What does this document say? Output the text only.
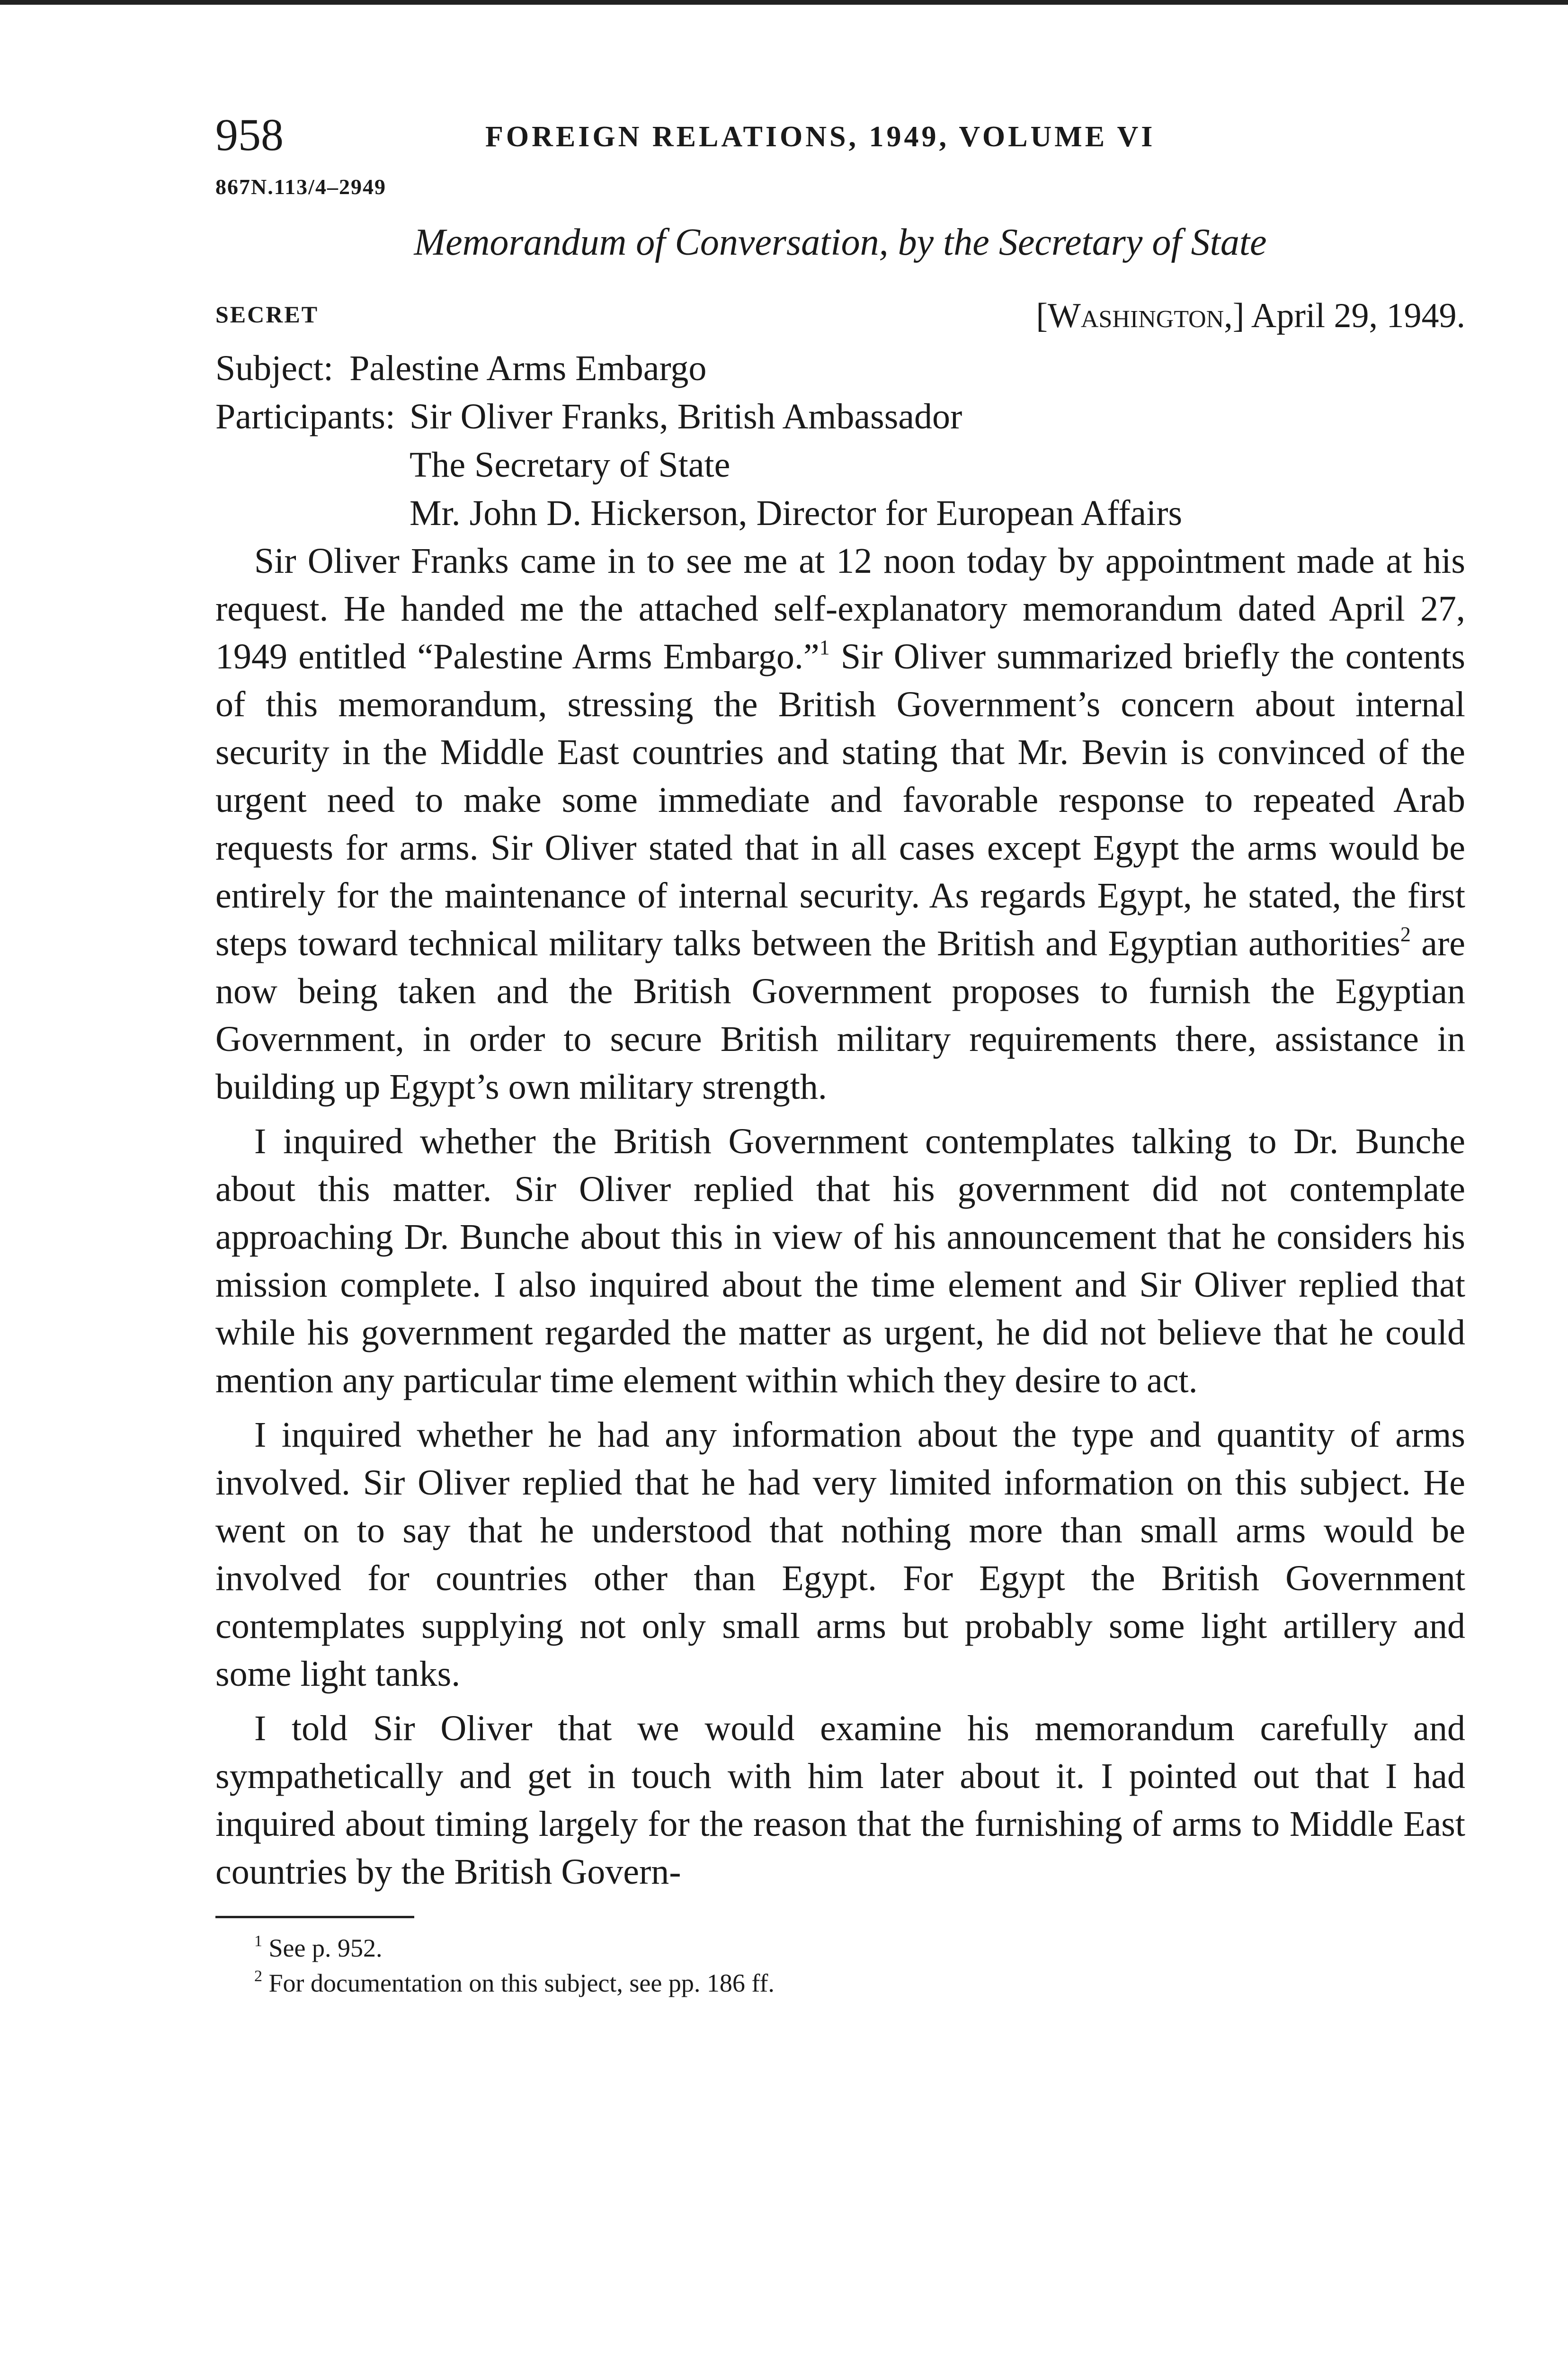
958	FOREIGN RELATIONS, 1949, VOLUME VI
867N.113/4–2949
Memorandum of Conversation, by the Secretary of State
SECRET	[Washington,] April 29, 1949.
Subject: Palestine Arms Embargo
Participants: Sir Oliver Franks, British Ambassador
The Secretary of State
Mr. John D. Hickerson, Director for European Affairs

Sir Oliver Franks came in to see me at 12 noon today by appointment made at his request. He handed me the attached self-explanatory memorandum dated April 27, 1949 entitled “Palestine Arms Embargo.”$^1$ Sir Oliver summarized briefly the contents of this memorandum, stressing the British Government’s concern about internal security in the Middle East countries and stating that Mr. Bevin is convinced of the urgent need to make some immediate and favorable response to repeated Arab requests for arms. Sir Oliver stated that in all cases except Egypt the arms would be entirely for the maintenance of internal security. As regards Egypt, he stated, the first steps toward technical military talks between the British and Egyptian authorities$^2$ are now being taken and the British Government proposes to furnish the Egyptian Government, in order to secure British military requirements there, assistance in building up Egypt’s own military strength.

I inquired whether the British Government contemplates talking to Dr. Bunche about this matter. Sir Oliver replied that his government did not contemplate approaching Dr. Bunche about this in view of his announcement that he considers his mission complete. I also inquired about the time element and Sir Oliver replied that while his government regarded the matter as urgent, he did not believe that he could mention any particular time element within which they desire to act.

I inquired whether he had any information about the type and quantity of arms involved. Sir Oliver replied that he had very limited information on this subject. He went on to say that he understood that nothing more than small arms would be involved for countries other than Egypt. For Egypt the British Government contemplates supplying not only small arms but probably some light artillery and some light tanks.

I told Sir Oliver that we would examine his memorandum carefully and sympathetically and get in touch with him later about it. I pointed out that I had inquired about timing largely for the reason that the furnishing of arms to Middle East countries by the British Govern-

$^1$ See p. 952.
$^2$ For documentation on this subject, see pp. 186 ff.
